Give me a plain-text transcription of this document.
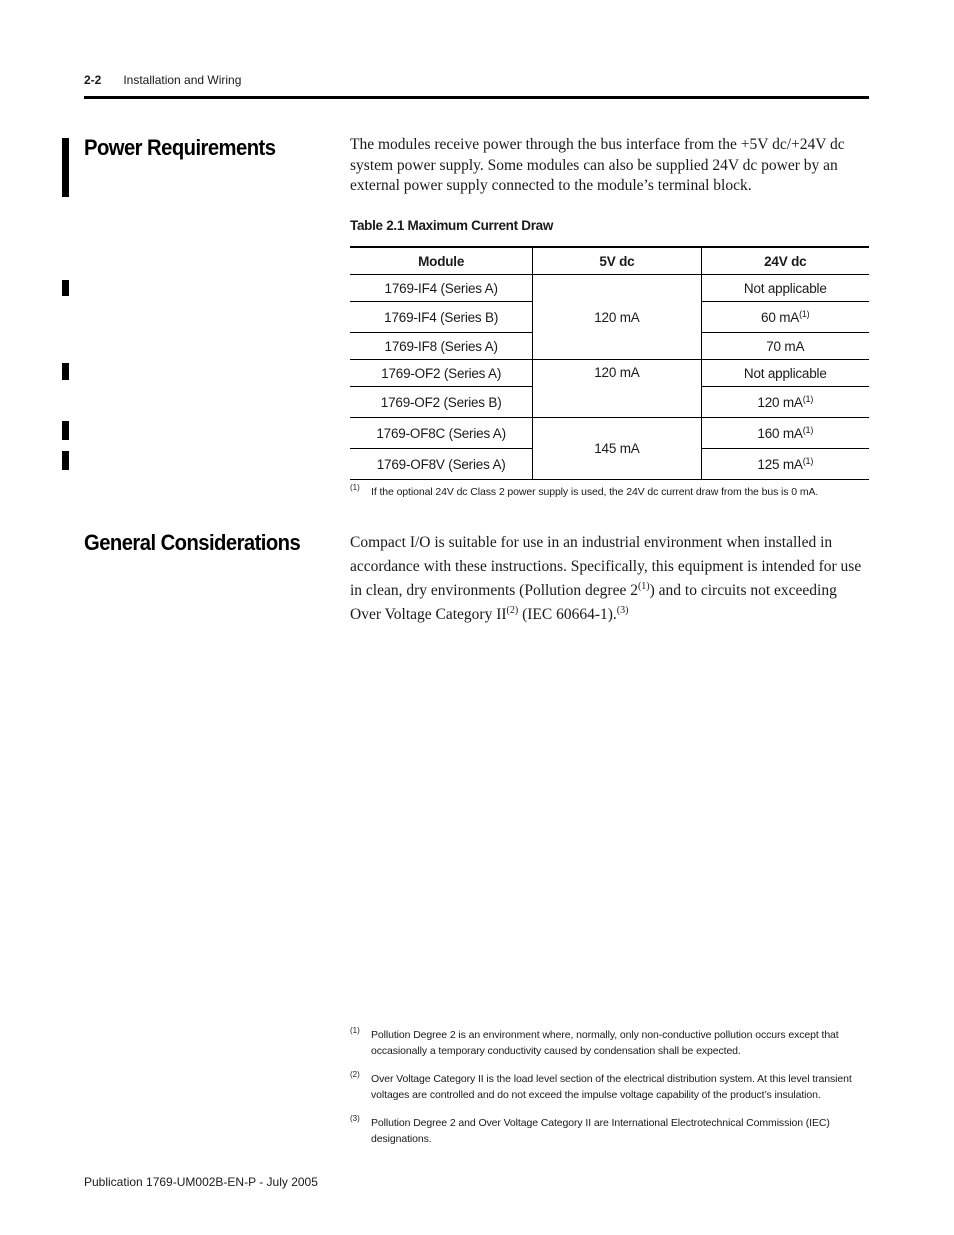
2-2 Installation and Wiring
Power Requirements	The modules receive power through the bus interface from the +5V dc/+24V dc system power supply. Some modules can also be supplied 24V dc power by an external power supply connected to the module’s terminal block.

Table 2.1 Maximum Current Draw
Module	5V dc	24V dc
1769-IF4 (Series A)	120 mA	Not applicable
1769-IF4 (Series B)		60 $mA^{(1)}$
1769-IF8 (Series A)		70 mA
1769-OF2 (Series A)	120 mA	Not applicable
1769-OF2 (Series B)		120 $mA^{(1)}$
1769-OF8C (Series A)	145 mA	160 $mA^{(1)}$
1769-OF8V (Series A)		125 $mA^{(1)}$
(1) If the optional 24V dc Class 2 power supply is used, the 24V dc current draw from the bus is 0 mA.
General Considerations	Compact I/O is suitable for use in an industrial environment when installed in accordance with these instructions. Specifically, this equipment is intended for use in clean, dry environments (Pollution degree 2$^{(1)}$) and to circuits not exceeding Over Voltage Category II$^{(2)}$ (IEC 60664-1).$^{(3)}$

(1) Pollution Degree 2 is an environment where, normally, only non-conductive pollution occurs except that occasionally a temporary conductivity caused by condensation shall be expected.
(2) Over Voltage Category II is the load level section of the electrical distribution system. At this level transient voltages are controlled and do not exceed the impulse voltage capability of the product’s insulation.
(3) Pollution Degree 2 and Over Voltage Category II are International Electrotechnical Commission (IEC) designations.
Publication 1769-UM002B-EN-P - July 2005
